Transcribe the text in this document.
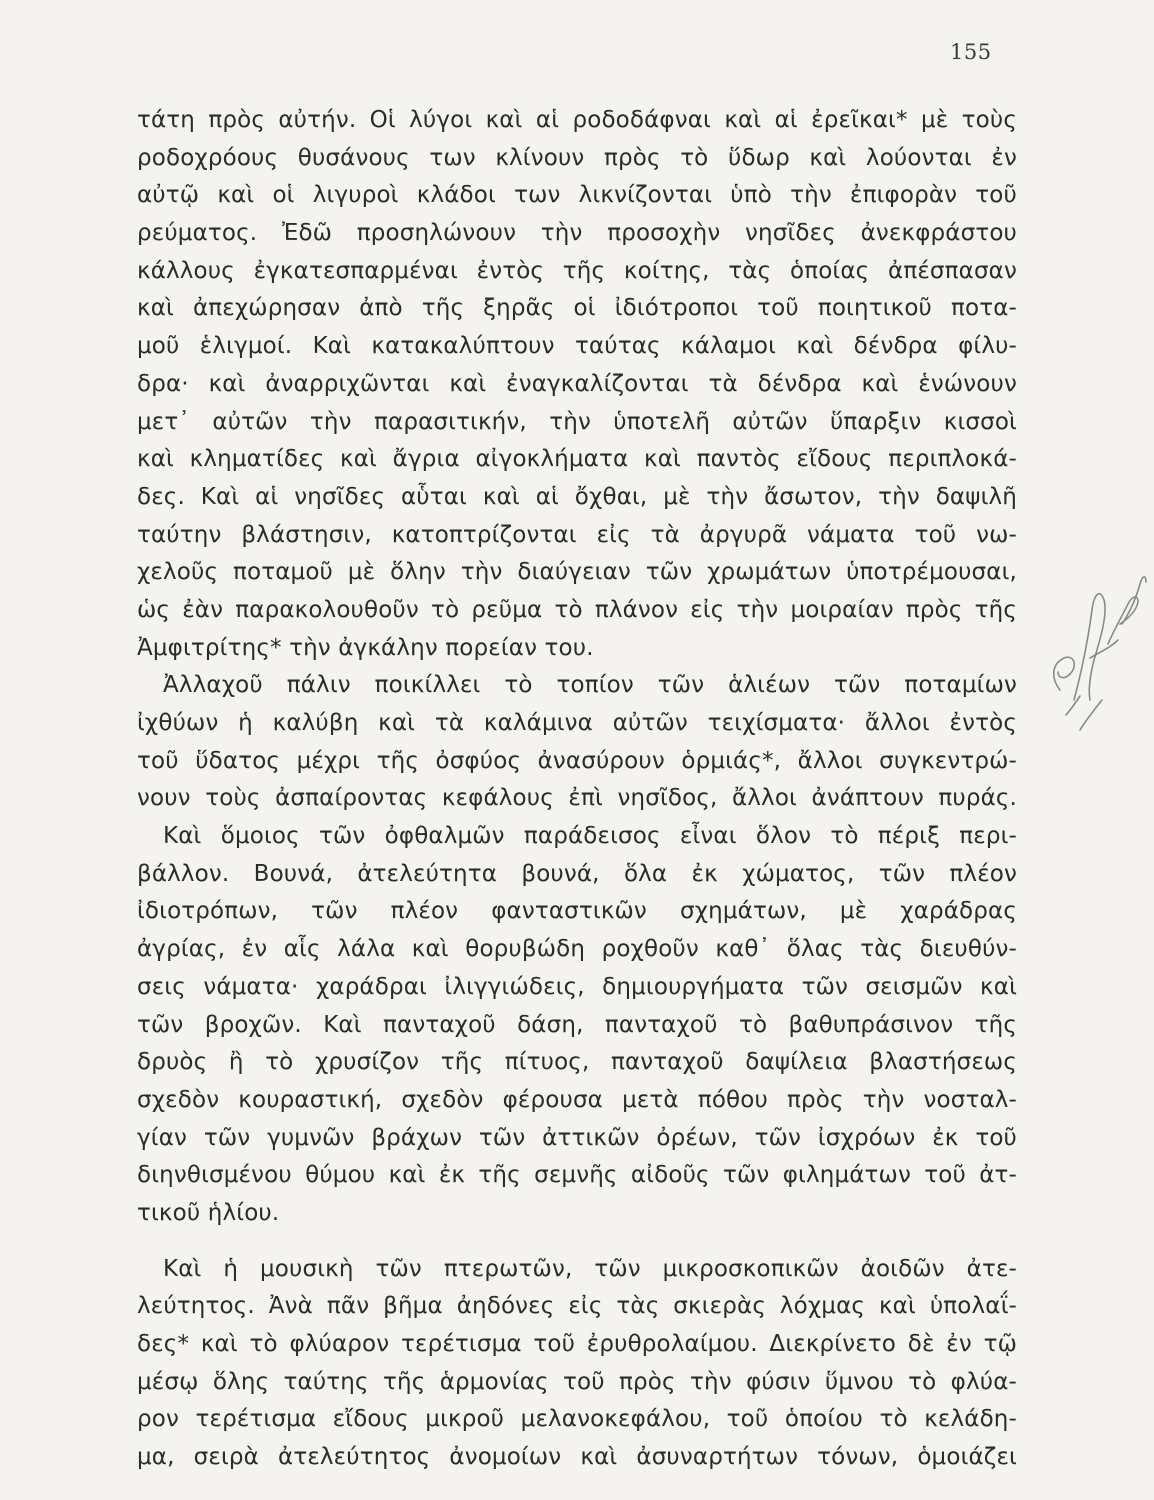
155
τάτη πρὸς αὐτήν. Οἱ λύγοι καὶ αἱ ροδοδάφναι καὶ αἱ ἐρεῖκαι* μὲ τοὺς
ροδοχρόους θυσάνους των κλίνουν πρὸς τὸ ὕδωρ καὶ λούονται ἐν
αὐτῷ καὶ οἱ λιγυροὶ κλάδοι των λικνίζονται ὑπὸ τὴν ἐπιφορὰν τοῦ
ρεύματος. Ἐδῶ προσηλώνουν τὴν προσοχὴν νησῖδες ἀνεκφράστου
κάλλους ἐγκατεσπαρμέναι ἐντὸς τῆς κοίτης, τὰς ὁποίας ἀπέσπασαν
καὶ ἀπεχώρησαν ἀπὸ τῆς ξηρᾶς οἱ ἰδιότροποι τοῦ ποιητικοῦ ποτα-
μοῦ ἑλιγμοί. Καὶ κατακαλύπτουν ταύτας κάλαμοι καὶ δένδρα φίλυ-
δρα· καὶ ἀναρριχῶνται καὶ ἐναγκαλίζονται τὰ δένδρα καὶ ἑνώνουν
μετ᾽ αὐτῶν τὴν παρασιτικήν, τὴν ὑποτελῆ αὐτῶν ὕπαρξιν κισσοὶ
καὶ κληματίδες καὶ ἄγρια αἰγοκλήματα καὶ παντὸς εἴδους περιπλοκά-
δες. Καὶ αἱ νησῖδες αὗται καὶ αἱ ὄχθαι, μὲ τὴν ἄσωτον, τὴν δαψιλῆ
ταύτην βλάστησιν, κατοπτρίζονται εἰς τὰ ἀργυρᾶ νάματα τοῦ νω-
χελοῦς ποταμοῦ μὲ ὅλην τὴν διαύγειαν τῶν χρωμάτων ὑποτρέμουσαι,
ὡς ἐὰν παρακολουθοῦν τὸ ρεῦμα τὸ πλάνον εἰς τὴν μοιραίαν πρὸς τῆς
Ἀμφιτρίτης* τὴν ἀγκάλην πορείαν του.
Ἀλλαχοῦ πάλιν ποικίλλει τὸ τοπίον τῶν ἁλιέων τῶν ποταμίων
ἰχθύων ἡ καλύβη καὶ τὰ καλάμινα αὐτῶν τειχίσματα· ἄλλοι ἐντὸς
τοῦ ὕδατος μέχρι τῆς ὀσφύος ἀνασύρουν ὁρμιάς*, ἄλλοι συγκεντρώ-
νουν τοὺς ἀσπαίροντας κεφάλους ἐπὶ νησῖδος, ἄλλοι ἀνάπτουν πυράς.
Καὶ ὅμοιος τῶν ὀφθαλμῶν παράδεισος εἶναι ὅλον τὸ πέριξ περι-
βάλλον. Βουνά, ἀτελεύτητα βουνά, ὅλα ἐκ χώματος, τῶν πλέον
ἰδιοτρόπων, τῶν πλέον φανταστικῶν σχημάτων, μὲ χαράδρας
ἀγρίας, ἐν αἷς λάλα καὶ θορυβώδη ροχθοῦν καθ᾽ ὅλας τὰς διευθύν-
σεις νάματα· χαράδραι ἰλιγγιώδεις, δημιουργήματα τῶν σεισμῶν καὶ
τῶν βροχῶν. Καὶ πανταχοῦ δάση, πανταχοῦ τὸ βαθυπράσινον τῆς
δρυὸς ἢ τὸ χρυσίζον τῆς πίτυος, πανταχοῦ δαψίλεια βλαστήσεως
σχεδὸν κουραστική, σχεδὸν φέρουσα μετὰ πόθου πρὸς τὴν νοσταλ-
γίαν τῶν γυμνῶν βράχων τῶν ἀττικῶν ὀρέων, τῶν ἰσχρόων ἐκ τοῦ
διηνθισμένου θύμου καὶ ἐκ τῆς σεμνῆς αἰδοῦς τῶν φιλημάτων τοῦ ἀτ-
τικοῦ ἡλίου.
Καὶ ἡ μουσικὴ τῶν πτερωτῶν, τῶν μικροσκοπικῶν ἀοιδῶν ἀτε-
λεύτητος. Ἀνὰ πᾶν βῆμα ἀηδόνες εἰς τὰς σκιερὰς λόχμας καὶ ὑπολαΐ-
δες* καὶ τὸ φλύαρον τερέτισμα τοῦ ἐρυθρολαίμου. Διεκρίνετο δὲ ἐν τῷ
μέσῳ ὅλης ταύτης τῆς ἁρμονίας τοῦ πρὸς τὴν φύσιν ὕμνου τὸ φλύα-
ρον τερέτισμα εἴδους μικροῦ μελανοκεφάλου, τοῦ ὁποίου τὸ κελάδη-
μα, σειρὰ ἀτελεύτητος ἀνομοίων καὶ ἀσυναρτήτων τόνων, ὁμοιάζει
